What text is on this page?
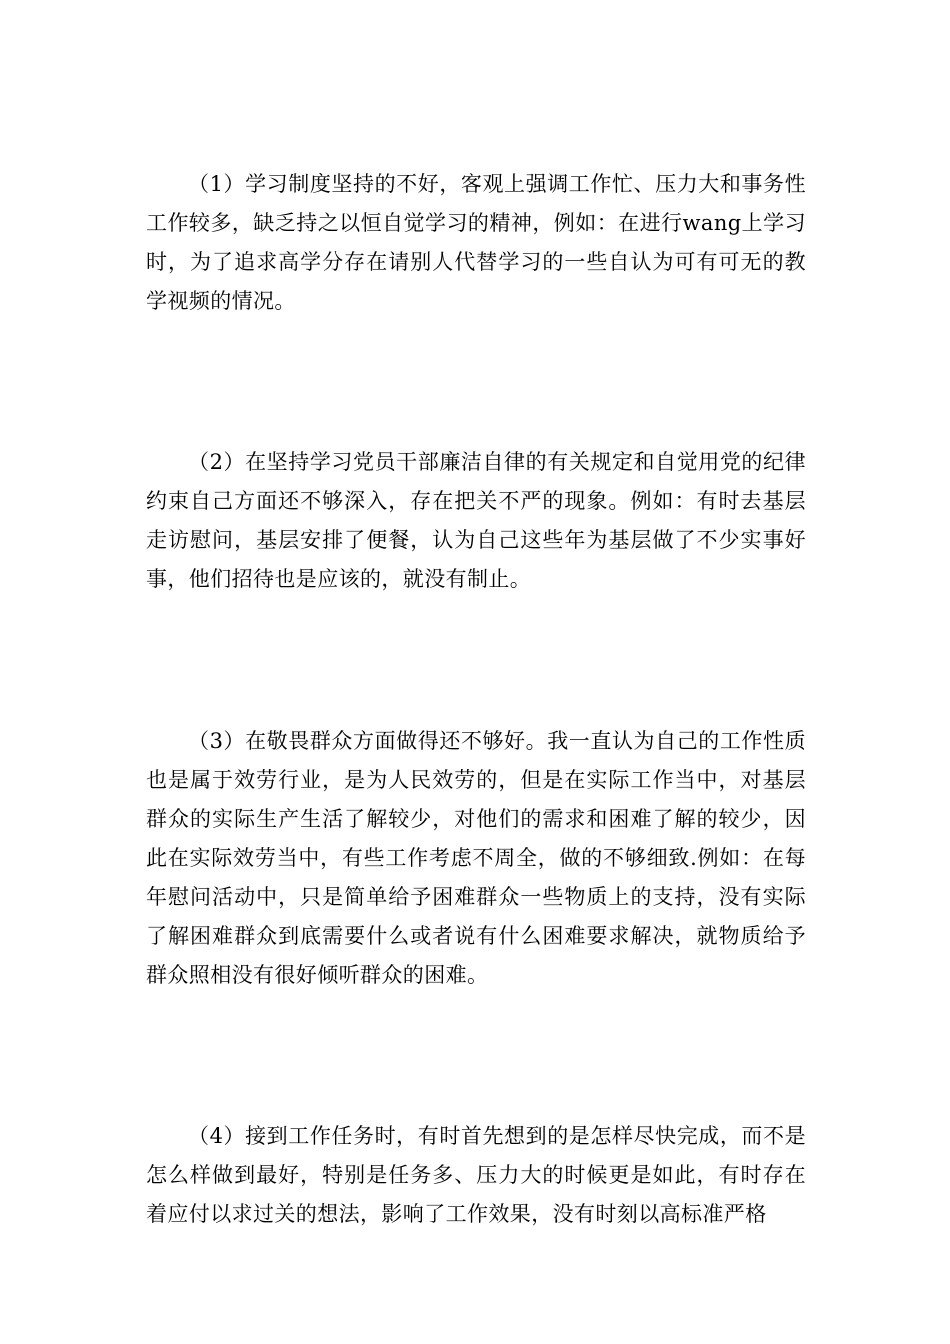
（1）学习制度坚持的不好，客观上强调工作忙、压力大和事务性工作较多，缺乏持之以恒自觉学习的精神，例如：在进行wang上学习时，为了追求高学分存在请别人代替学习的一些自认为可有可无的教学视频的情况。

（2）在坚持学习党员干部廉洁自律的有关规定和自觉用党的纪律约束自己方面还不够深入，存在把关不严的现象。例如：有时去基层走访慰问，基层安排了便餐，认为自己这些年为基层做了不少实事好事，他们招待也是应该的，就没有制止。

（3）在敬畏群众方面做得还不够好。我一直认为自己的工作性质也是属于效劳行业，是为人民效劳的，但是在实际工作当中，对基层群众的实际生产生活了解较少，对他们的需求和困难了解的较少，因此在实际效劳当中，有些工作考虑不周全，做的不够细致.例如：在每年慰问活动中，只是简单给予困难群众一些物质上的支持，没有实际了解困难群众到底需要什么或者说有什么困难要求解决，就物质给予群众照相没有很好倾听群众的困难。

（4）接到工作任务时，有时首先想到的是怎样尽快完成，而不是怎么样做到最好，特别是任务多、压力大的时候更是如此，有时存在着应付以求过关的想法，影响了工作效果，没有时刻以高标准严格
